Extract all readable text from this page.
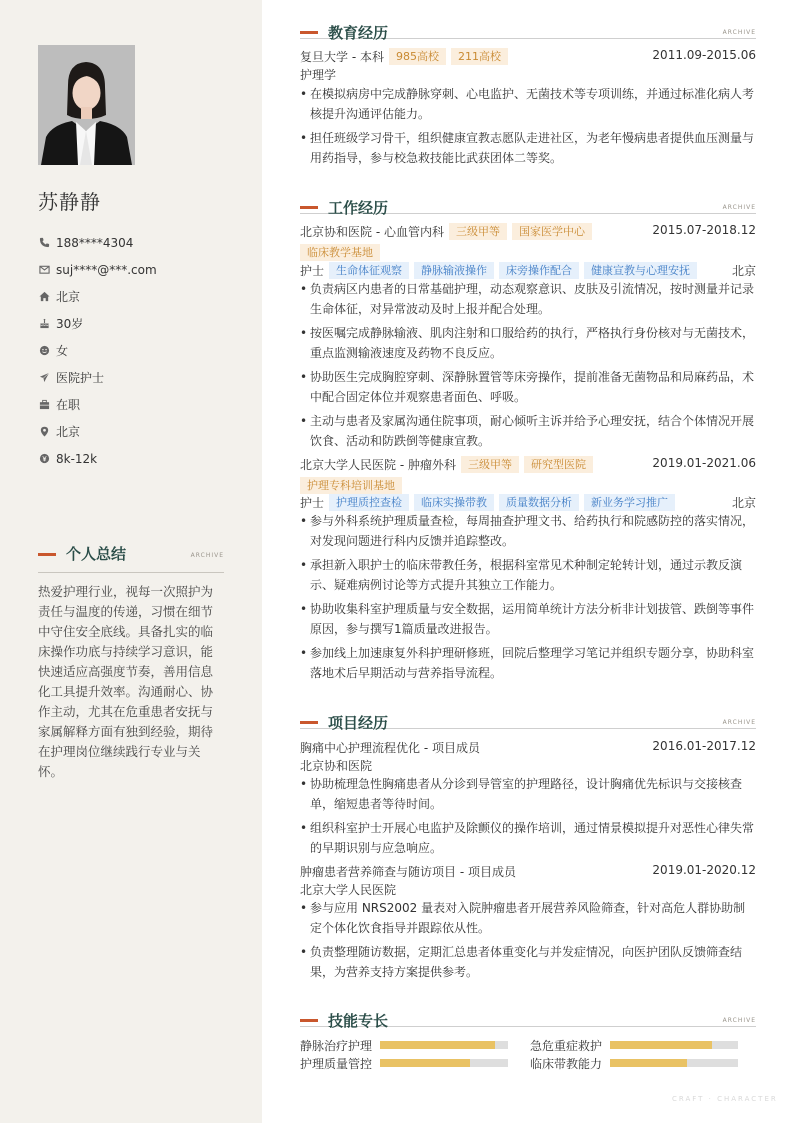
苏静静
188****4304
suj****@***.com
北京
30岁
女
医院护士
在职
北京
8k-12k
个人总结	ARCHIVE
热爱护理行业，视每一次照护为责任与温度的传递，习惯在细节中守住安全底线。具备扎实的临床操作功底与持续学习意识，能快速适应高强度节奏，善用信息化工具提升效率。沟通耐心、协作主动，尤其在危重患者安抚与家属解释方面有独到经验，期待在护理岗位继续践行专业与关怀。
教育经历	ARCHIVE
复旦大学 - 本科	985高校	211高校	2011.09-2015.06
护理学
• 在模拟病房中完成静脉穿刺、心电监护、无菌技术等专项训练，并通过标准化病人考核提升沟通评估能力。
• 担任班级学习骨干，组织健康宣教志愿队走进社区，为老年慢病患者提供血压测量与用药指导，参与校急救技能比武获团体二等奖。
工作经历	ARCHIVE
北京协和医院 - 心血管内科	三级甲等	国家医学中心	2015.07-2018.12
临床教学基地
护士	生命体征观察	静脉输液操作	床旁操作配合	健康宣教与心理安抚	北京
• 负责病区内患者的日常基础护理，动态观察意识、皮肤及引流情况，按时测量并记录生命体征，对异常波动及时上报并配合处理。
• 按医嘱完成静脉输液、肌肉注射和口服给药的执行，严格执行身份核对与无菌技术，重点监测输液速度及药物不良反应。
• 协助医生完成胸腔穿刺、深静脉置管等床旁操作，提前准备无菌物品和局麻药品，术中配合固定体位并观察患者面色、呼吸。
• 主动与患者及家属沟通住院事项，耐心倾听主诉并给予心理安抚，结合个体情况开展饮食、活动和防跌倒等健康宣教。
北京大学人民医院 - 肿瘤外科	三级甲等	研究型医院	2019.01-2021.06
护理专科培训基地
护士	护理质控查检	临床实操带教	质量数据分析	新业务学习推广	北京
• 参与外科系统护理质量查检，每周抽查护理文书、给药执行和院感防控的落实情况，对发现问题进行科内反馈并追踪整改。
• 承担新入职护士的临床带教任务，根据科室常见术种制定轮转计划，通过示教反演示、疑难病例讨论等方式提升其独立工作能力。
• 协助收集科室护理质量与安全数据，运用简单统计方法分析非计划拔管、跌倒等事件原因，参与撰写1篇质量改进报告。
• 参加线上加速康复外科护理研修班，回院后整理学习笔记并组织专题分享，协助科室落地术后早期活动与营养指导流程。
项目经历	ARCHIVE
胸痛中心护理流程优化 - 项目成员	2016.01-2017.12
北京协和医院
• 协助梳理急性胸痛患者从分诊到导管室的护理路径，设计胸痛优先标识与交接核查单，缩短患者等待时间。
• 组织科室护士开展心电监护及除颤仪的操作培训，通过情景模拟提升对恶性心律失常的早期识别与应急响应。
肿瘤患者营养筛查与随访项目 - 项目成员	2019.01-2020.12
北京大学人民医院
• 参与应用 NRS2002 量表对入院肿瘤患者开展营养风险筛查，针对高危人群协助制定个体化饮食指导并跟踪依从性。
• 负责整理随访数据，定期汇总患者体重变化与并发症情况，向医护团队反馈筛查结果，为营养支持方案提供参考。
技能专长	ARCHIVE
静脉治疗护理	急危重症救护
护理质量管控	临床带教能力
CRAFT · CHARACTER
